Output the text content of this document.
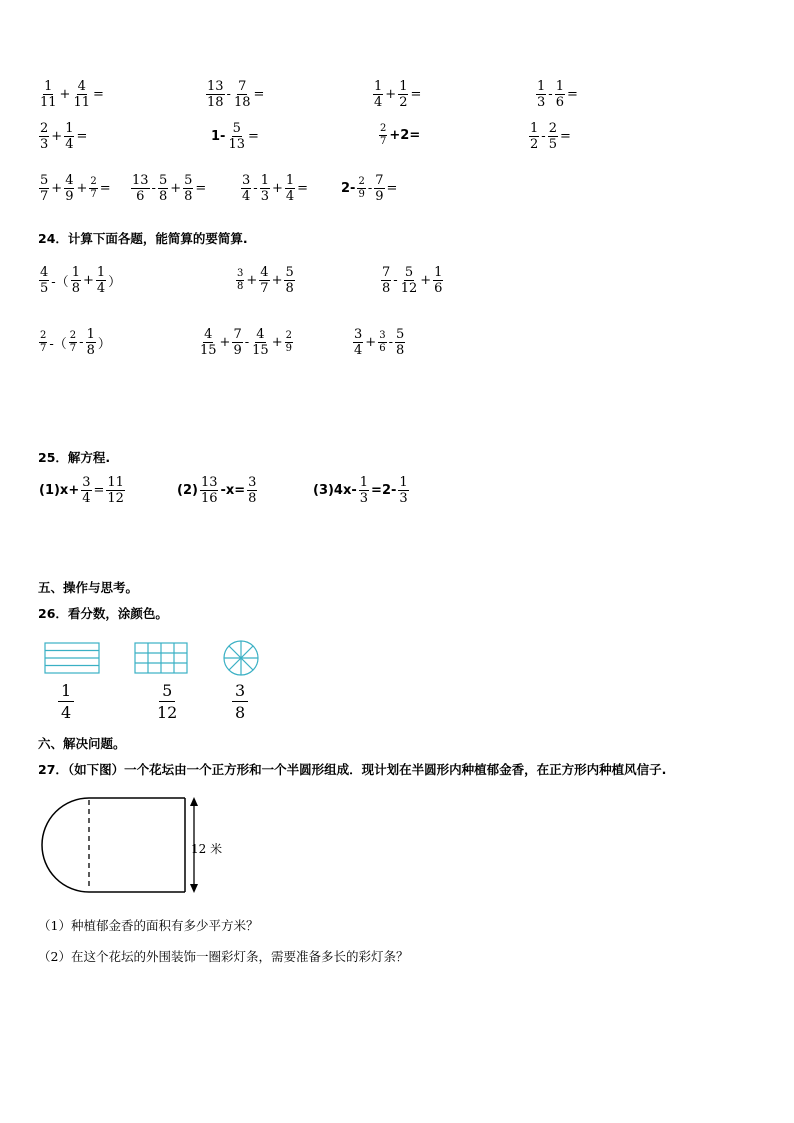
1
11
+ $\frac{4}{11}$ =
13
18
- $\frac{7}{18}$ =
1
4
+ $\frac{1}{2}$ =
1
3
- $\frac{1}{6}$ =
2
3
+ $\frac{1}{4}$ =	$1- \frac{5}{13}$ =
2
7 +2=	1
2
- $\frac{2}{5}$ =
5
7
+ $\frac{4}{9} + \frac{2}{7}$ =
13
6
-
5
8
+ $\frac{5}{8}$ =
3
4
-
1
3
+ $\frac{1}{4}$ =	2- 2
$9 - \frac{7}{9}$ =
24．计算下面各题，能简算的要简算.
4
5 -（
1
8
+ $\frac{1}{4}$ ）
3
$8 + \frac{4}{7} + \frac{5}{8}$	7
8
-
5
12
+ $\frac{1}{6}$
2
7 -（
2
7 -
1
8 ）
4
15
+ $\frac{7}{9}$ -
4
15
+ $\frac{2}{9}$	3
4
+ $\frac{3}{6}$ -
5
8
25．解方程.
$(1)x+ \frac{3}{4} = \frac{11}{12}$	(2)
13
16
$-x= \frac{3}{8}$	$(3)4x- \frac{1}{3} =2-$
1
3
五、操作与思考。
26．看分数，涂颜色。
1
4
5
12
3
8
六、解决问题。
27．（如下图）一个花坛由一个正方形和一个半圆形组成．现计划在半圆形内种植郁金香，在正方形内种植风信子.
12 米
（1）种植郁金香的面积有多少平方米？
（2）在这个花坛的外围装饰一圈彩灯条，需要准备多长的彩灯条？
